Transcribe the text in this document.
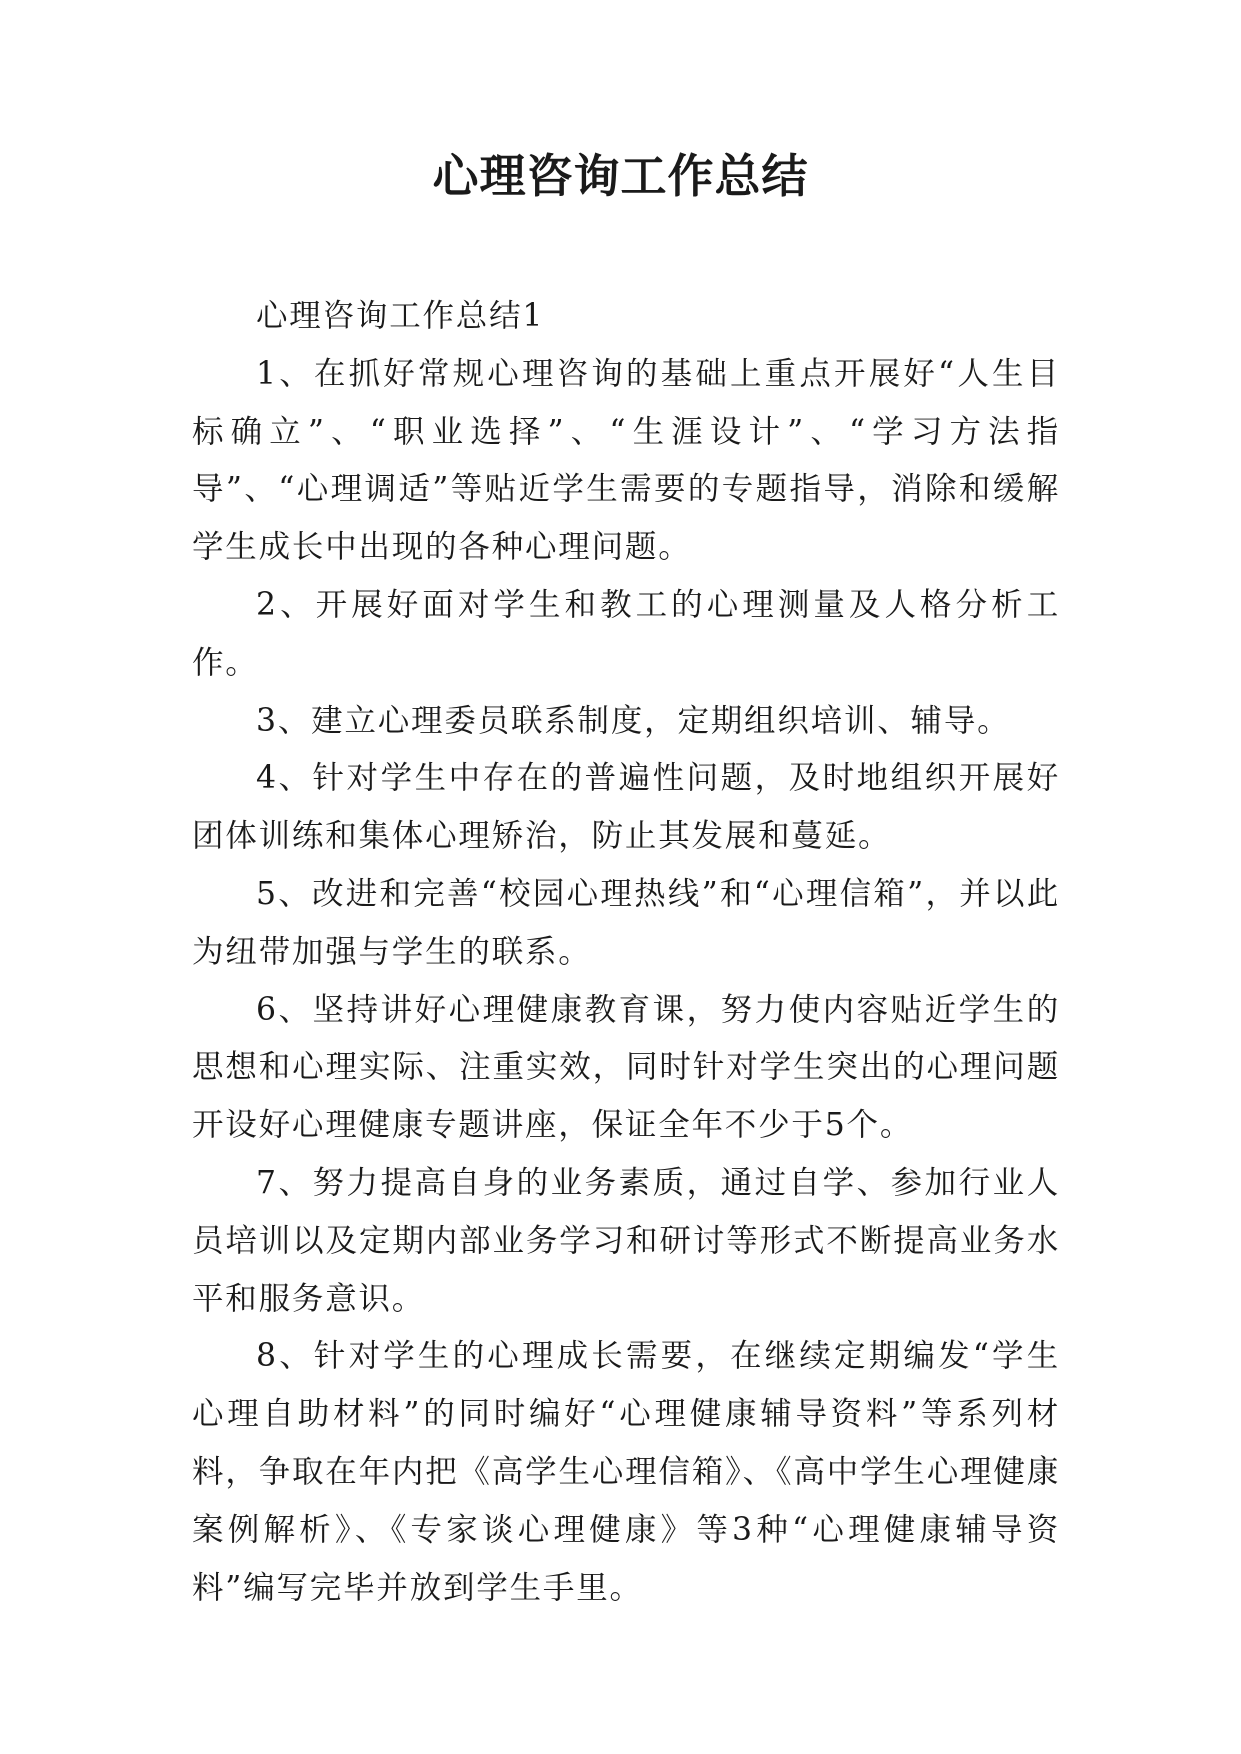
心理咨询工作总结

心理咨询工作总结1

1、在抓好常规心理咨询的基础上重点开展好“人生目标确立”、“职业选择”、“生涯设计”、“学习方法指导”、“心理调适”等贴近学生需要的专题指导，消除和缓解学生成长中出现的各种心理问题。

2、开展好面对学生和教工的心理测量及人格分析工作。

3、建立心理委员联系制度，定期组织培训、辅导。

4、针对学生中存在的普遍性问题，及时地组织开展好团体训练和集体心理矫治，防止其发展和蔓延。

5、改进和完善“校园心理热线”和“心理信箱”，并以此为纽带加强与学生的联系。

6、坚持讲好心理健康教育课，努力使内容贴近学生的思想和心理实际、注重实效，同时针对学生突出的心理问题开设好心理健康专题讲座，保证全年不少于5个。

7、努力提高自身的业务素质，通过自学、参加行业人员培训以及定期内部业务学习和研讨等形式不断提高业务水平和服务意识。

8、针对学生的心理成长需要，在继续定期编发“学生心理自助材料”的同时编好“心理健康辅导资料”等系列材料，争取在年内把《高学生心理信箱》、《高中学生心理健康案例解析》、《专家谈心理健康》等3种“心理健康辅导资料”编写完毕并放到学生手里。
